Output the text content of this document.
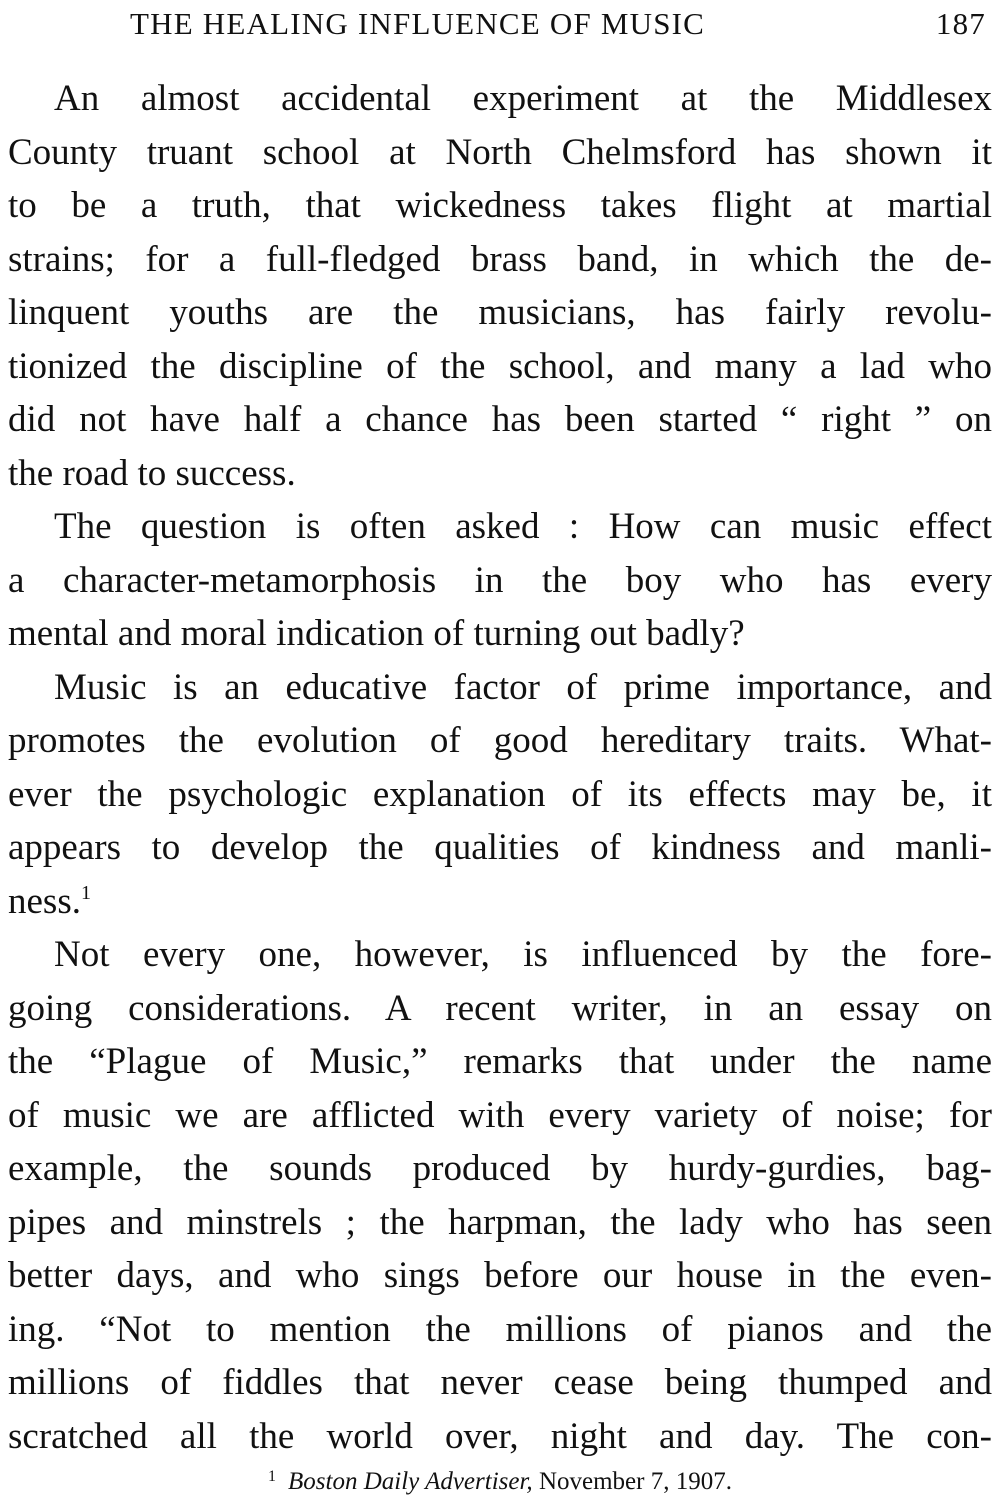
THE HEALING INFLUENCE OF MUSIC	187
An almost accidental experiment at the Middlesex
County truant school at North Chelmsford has shown it
to be a truth, that wickedness takes flight at martial
strains; for a full-fledged brass band, in which the de-
linquent youths are the musicians, has fairly revolu-
tionized the discipline of the school, and many a lad who
did not have half a chance has been started “ right ” on
the road to success.
The question is often asked : How can music effect
a character-metamorphosis in the boy who has every
mental and moral indication of turning out badly?
Music is an educative factor of prime importance, and
promotes the evolution of good hereditary traits. What-
ever the psychologic explanation of its effects may be, it
appears to develop the qualities of kindness and manli-
ness.$^1$
Not every one, however, is influenced by the fore-
going considerations. A recent writer, in an essay on
the “Plague of Music,” remarks that under the name
of music we are afflicted with every variety of noise; for
example, the sounds produced by hurdy-gurdies, bag-
pipes and minstrels ; the harpman, the lady who has seen
better days, and who sings before our house in the even-
ing. “Not to mention the millions of pianos and the
millions of fiddles that never cease being thumped and
scratched all the world over, night and day. The con-
$^1$ Boston Daily Advertiser, November 7, 1907.
